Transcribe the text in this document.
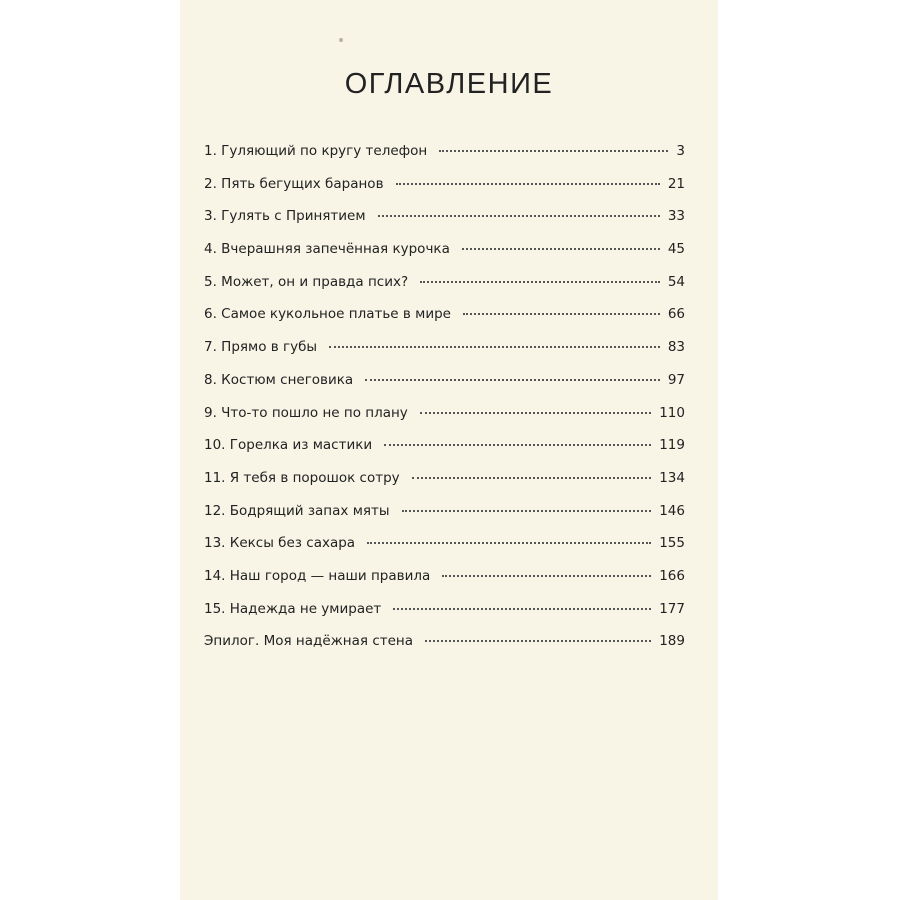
ОГЛАВЛЕНИЕ
1. Гуляющий по кругу телефон	3
2. Пять бегущих баранов	21
3. Гулять с Принятием	33
4. Вчерашняя запечённая курочка	45
5. Может, он и правда псих?	54
6. Самое кукольное платье в мире	66
7. Прямо в губы	83
8. Костюм снеговика	97
9. Что-то пошло не по плану	110
10. Горелка из мастики	119
11. Я тебя в порошок сотру	134
12. Бодрящий запах мяты	146
13. Кексы без сахара	155
14. Наш город — наши правила	166
15. Надежда не умирает	177
Эпилог. Моя надёжная стена	189
